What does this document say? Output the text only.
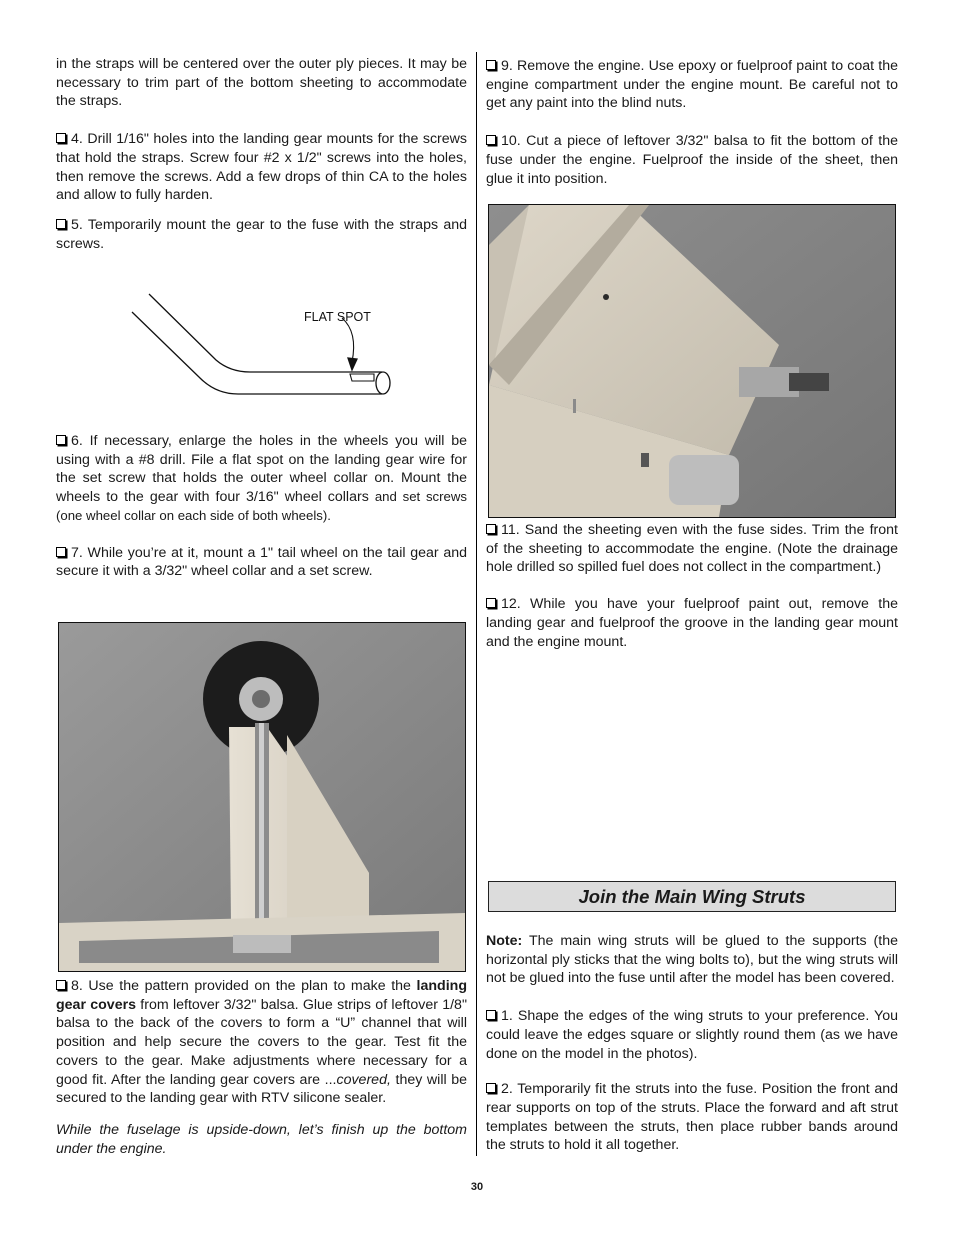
in the straps will be centered over the outer ply pieces. It may be necessary to trim part of the bottom sheeting to accommodate the straps.

4. Drill 1/16" holes into the landing gear mounts for the screws that hold the straps. Screw four #2 x 1/2" screws into the holes, then remove the screws. Add a few drops of thin CA to the holes and allow to fully harden.

5. Temporarily mount the gear to the fuse with the straps and screws.

FLAT SPOT

6. If necessary, enlarge the holes in the wheels you will be using with a #8 drill. File a flat spot on the landing gear wire for the set screw that holds the outer wheel collar on. Mount the wheels to the gear with four 3/16" wheel collars and set screws (one wheel collar on each side of both wheels).

7. While you’re at it, mount a 1" tail wheel on the tail gear and secure it with a 3/32" wheel collar and a set screw.

8. Use the pattern provided on the plan to make the landing gear covers from leftover 3/32" balsa. Glue strips of leftover 1/8" balsa to the back of the covers to form a “U” channel that will position and help secure the covers to the gear. Test fit the covers to the gear. Make adjustments where necessary for a good fit. After the landing gear covers are ...covered, they will be secured to the landing gear with RTV silicone sealer.

While the fuselage is upside-down, let’s finish up the bottom under the engine.

9. Remove the engine. Use epoxy or fuelproof paint to coat the engine compartment under the engine mount. Be careful not to get any paint into the blind nuts.

10. Cut a piece of leftover 3/32" balsa to fit the bottom of the fuse under the engine. Fuelproof the inside of the sheet, then glue it into position.

11. Sand the sheeting even with the fuse sides. Trim the front of the sheeting to accommodate the engine. (Note the drainage hole drilled so spilled fuel does not collect in the compartment.)

12. While you have your fuelproof paint out, remove the landing gear and fuelproof the groove in the landing gear mount and the engine mount.

Join the Main Wing Struts

Note: The main wing struts will be glued to the supports (the horizontal ply sticks that the wing bolts to), but the wing struts will not be glued into the fuse until after the model has been covered.

1. Shape the edges of the wing struts to your preference. You could leave the edges square or slightly round them (as we have done on the model in the photos).

2. Temporarily fit the struts into the fuse. Position the front and rear supports on top of the struts. Place the forward and aft strut templates between the struts, then place rubber bands around the struts to hold it all together.

30
